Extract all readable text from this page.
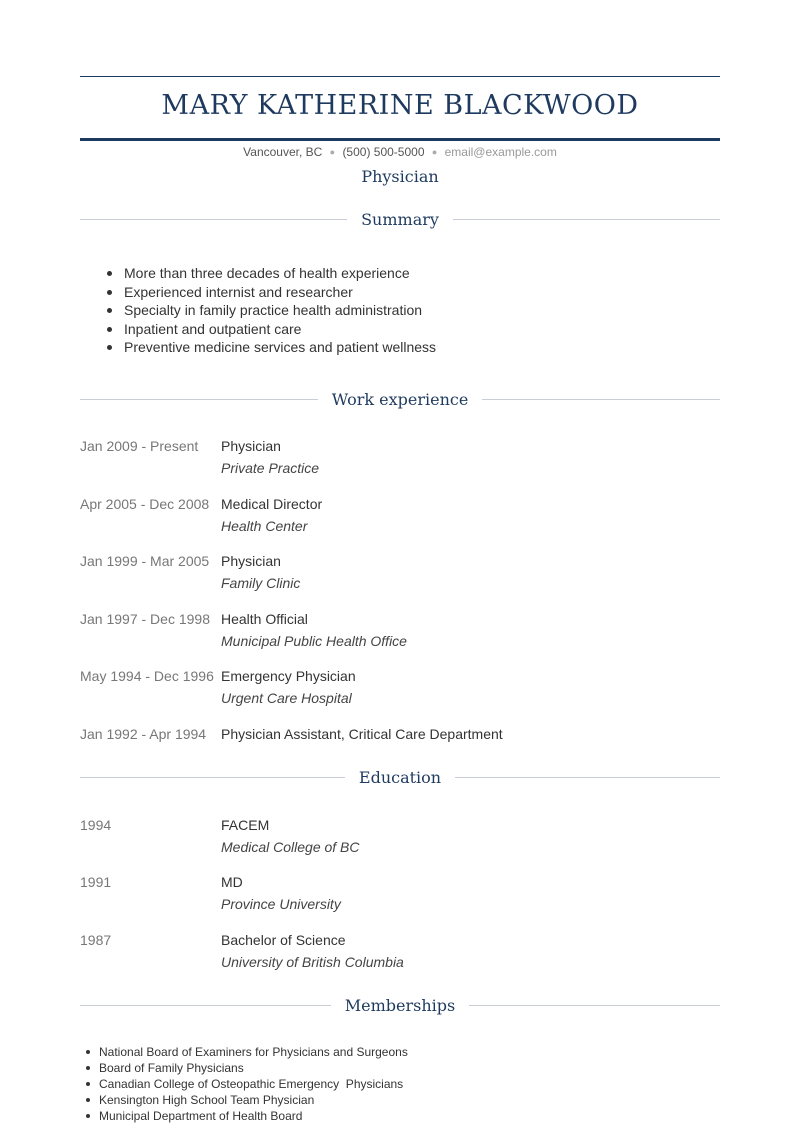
MARY KATHERINE BLACKWOOD
Vancouver, BC ● (500) 500-5000 ● email@example.com
Physician
Summary
More than three decades of health experience
Experienced internist and researcher
Specialty in family practice health administration
Inpatient and outpatient care
Preventive medicine services and patient wellness
Work experience
Jan 2009 - Present Physician
Private Practice
Apr 2005 - Dec 2008 Medical Director
Health Center
Jan 1999 - Mar 2005 Physician
Family Clinic
Jan 1997 - Dec 1998 Health Official
Municipal Public Health Office
May 1994 - Dec 1996 Emergency Physician
Urgent Care Hospital
Jan 1992 - Apr 1994 Physician Assistant, Critical Care Department
Education
1994	FACEM
Medical College of BC
1991	MD
Province University
1987	Bachelor of Science
University of British Columbia
Memberships
National Board of Examiners for Physicians and Surgeons
Board of Family Physicians
Canadian College of Osteopathic Emergency  Physicians
Kensington High School Team Physician
Municipal Department of Health Board
